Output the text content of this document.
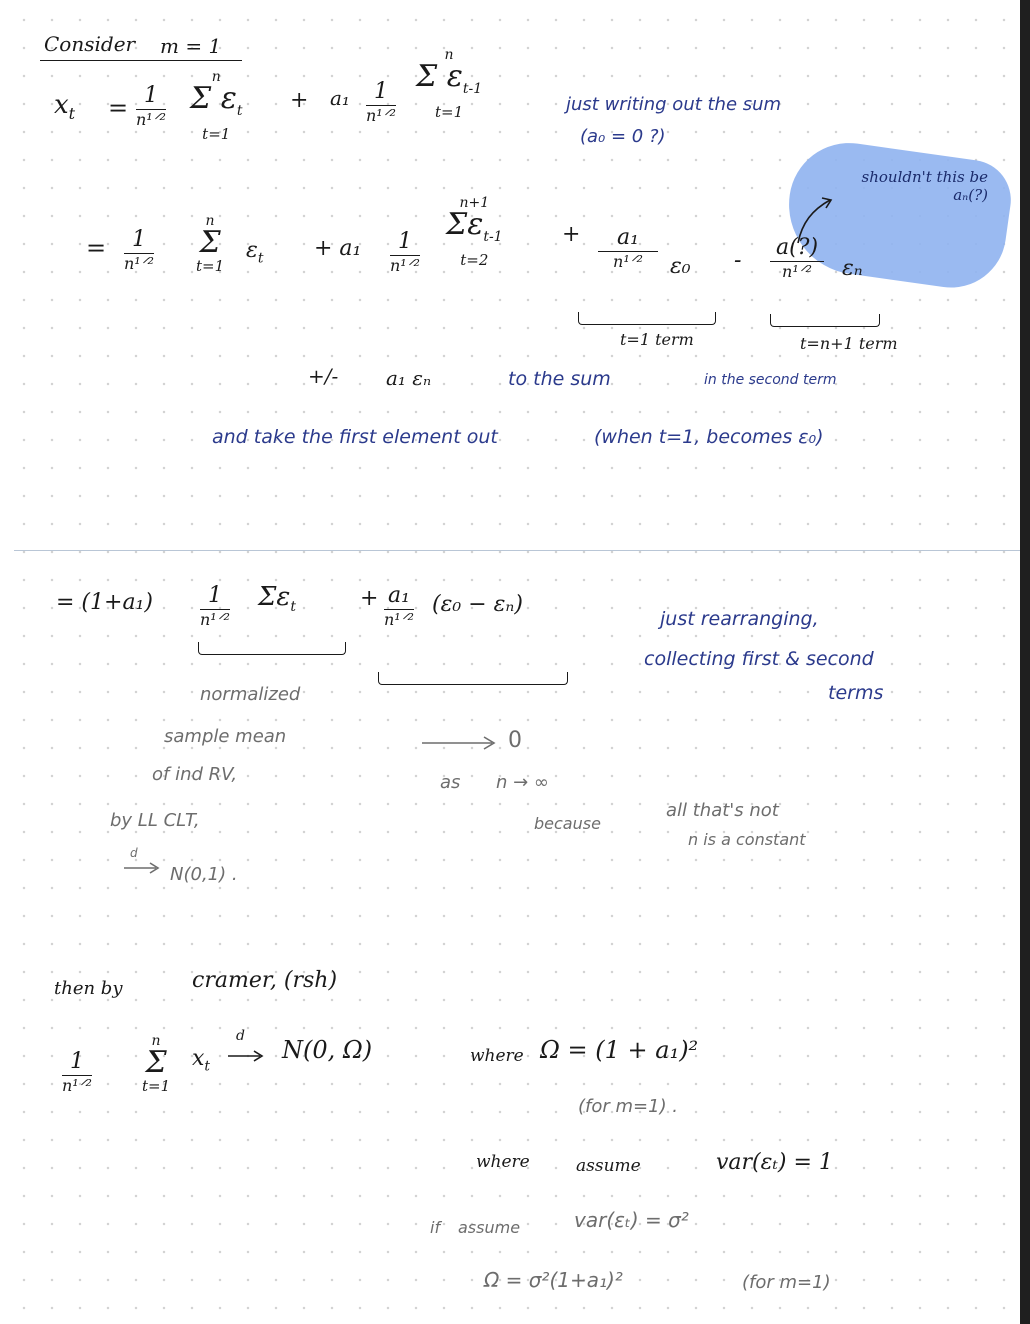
Consider m = 1
$x_t = 1$
n¹ᐟ²
n
Σ $\varepsilon_t$
t=1
+ a₁ 1
n¹ᐟ²
n
Σ $\varepsilon_{t-1}$
t=1	just writing out the sum
(a₀ = 0 ?)
shouldn't this be aₙ(?)
= 1
n¹ᐟ²
n
Σ
t=1
$\varepsilon_t + a_1$ 1
n¹ᐟ²
n+1
$\Sigma\varepsilon_{t-1}$
t=2
+ a₁
n¹ᐟ² ε₀ -
a(?)
n¹ᐟ² εₙ
t=1 term	t=n+1 term
+/- a₁ εₙ	to the sum	in the second term
and take the first element out	(when t=1, becomes ε₀)
= (1+a₁) 1
n¹ᐟ²
$\Sigma\varepsilon_t$	+ a₁
n¹ᐟ²
(ε₀ − εₙ)
just rearranging,
collecting first & second
terms
normalized
sample mean
of ind RV,
by LL CLT,
d
N(0,1) .
0
as n → ∞
because
all that's not
n is a constant
then by	cramer, (rsh)
1
n¹ᐟ²
n
Σ
t=1
$x_t$
d N(0, Ω)	where Ω = (1 + a₁)²
(for m=1) .
where	assume	var(εₜ) = 1
if assume	var(εₜ) = σ²
Ω = σ²(1+a₁)²	(for m=1)
